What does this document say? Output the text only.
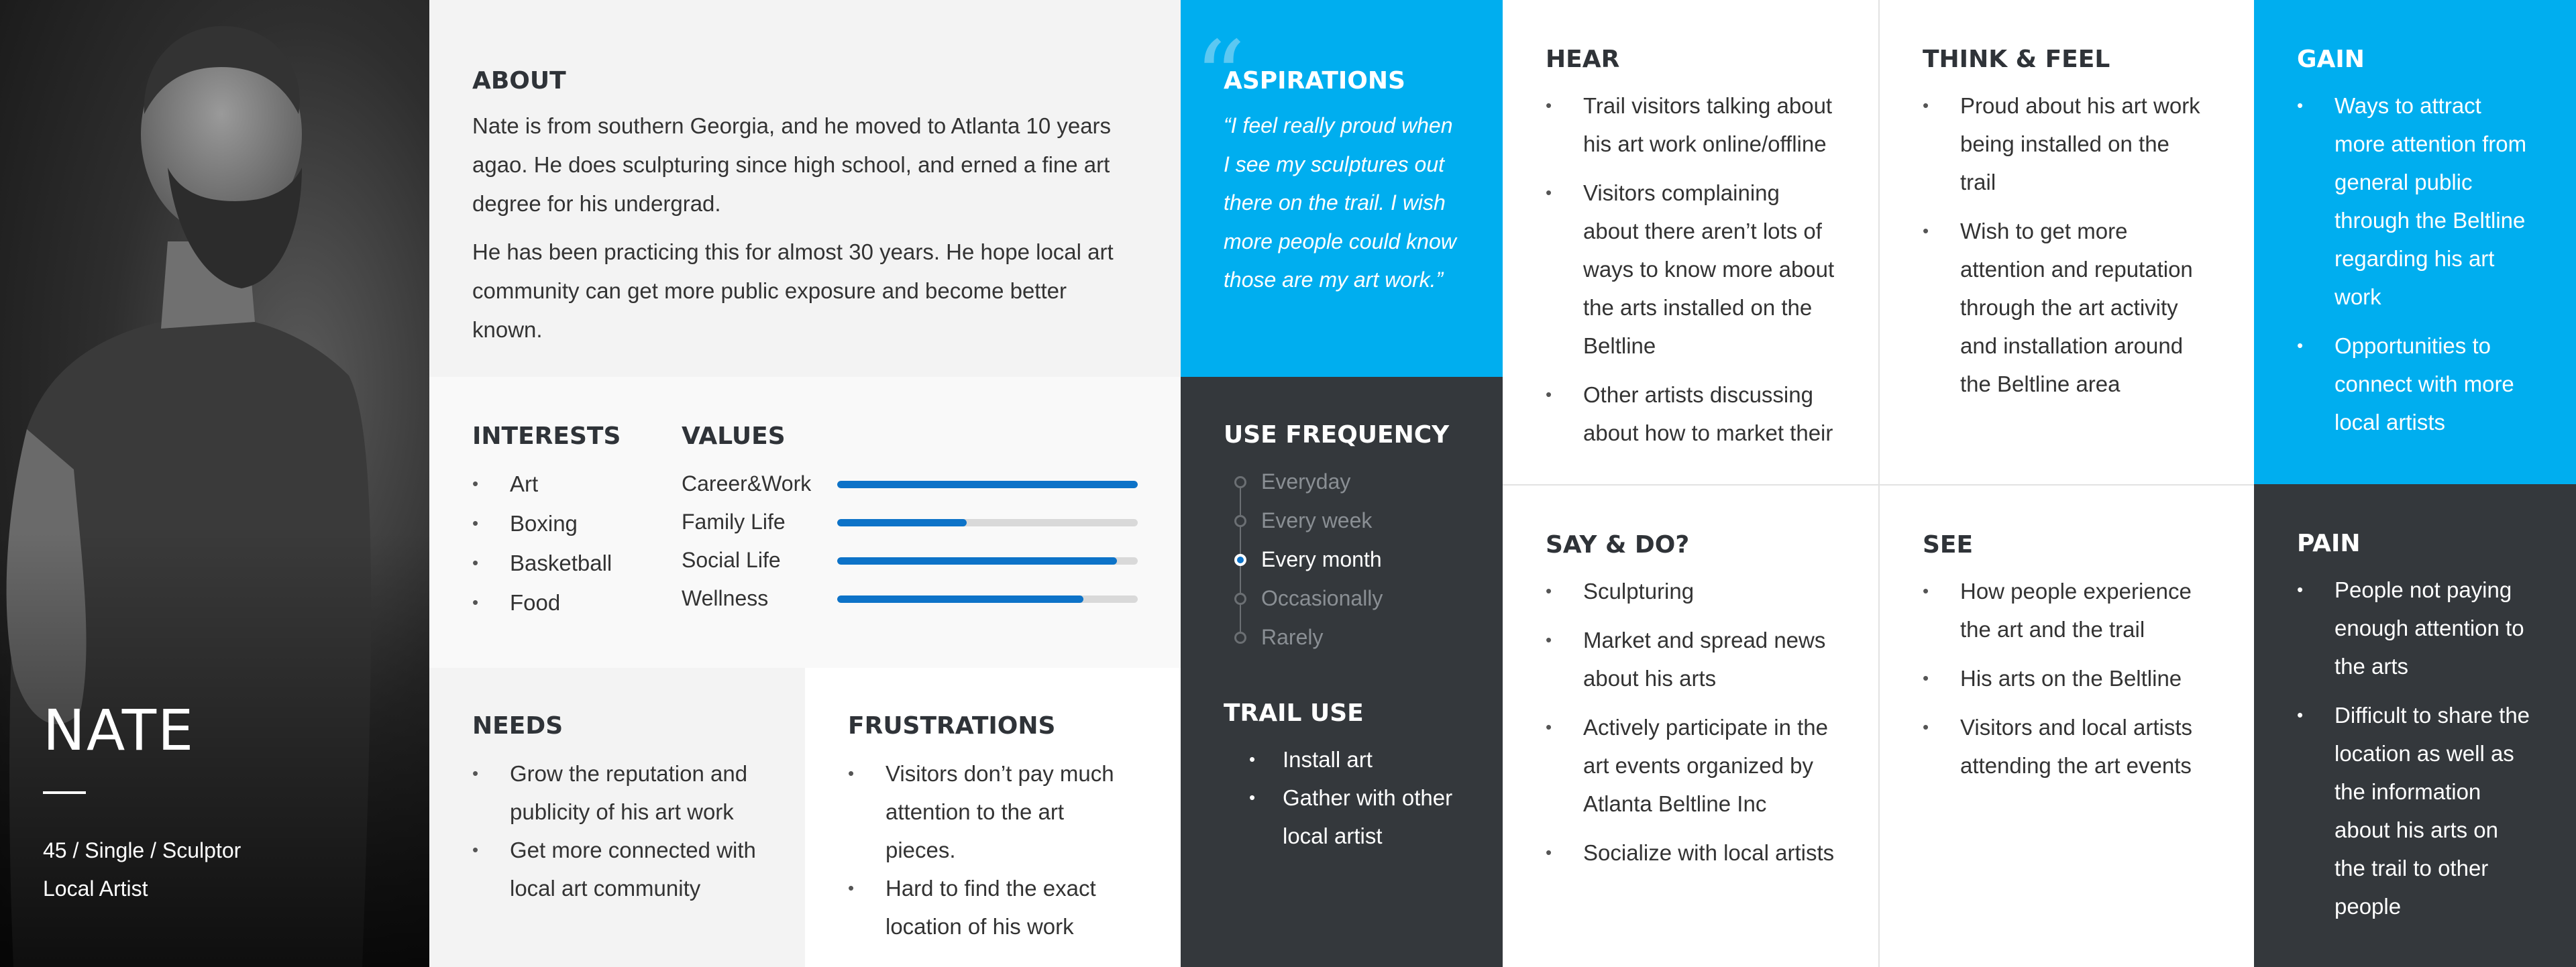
NATE
45 / Single / Sculptor
Local Artist
ABOUT

Nate is from southern Georgia, and he moved to Atlanta 10 years agao. He does sculpturing since high school, and erned a fine art degree for his undergrad.

He has been practicing this for almost 30 years. He hope local art community can get more public exposure and become better known.

INTERESTS
• Art
• Boxing
• Basketball
• Food
VALUES
Career&Work
Family Life
Social Life
Wellness
NEEDS
• Grow the reputation and publicity of his art work
• Get more connected with local art community
FRUSTRATIONS
• Visitors don’t pay much attention to the art pieces.
• Hard to find the exact location of his work
“
ASPIRATIONS
“I feel really proud when I see my sculptures out there on the trail. I wish more people could know those are my art work.”
USE FREQUENCY
Everyday
Every week
Every month
Occasionally
Rarely
TRAIL USE
• Install art
• Gather with other local artist
HEAR
• Trail visitors talking about his art work online/offline
• Visitors complaining about there aren’t lots of ways to know more about the arts installed on the Beltline
• Other artists discussing about how to market their
THINK & FEEL
• Proud about his art work being installed on the trail
• Wish to get more attention and reputation through the art activity and installation around the Beltline area
GAIN
• Ways to attract more attention from general public through the Beltline regarding his art work
• Opportunities to connect with more local artists
SAY & DO?
• Sculpturing
• Market and spread news about his arts
• Actively participate in the art events organized by Atlanta Beltline Inc
• Socialize with local artists
SEE
• How people experience the art and the trail
• His arts on the Beltline
• Visitors and local artists attending the art events
PAIN
• People not paying enough attention to the arts
• Difficult to share the location as well as the information about his arts on the trail to other people
